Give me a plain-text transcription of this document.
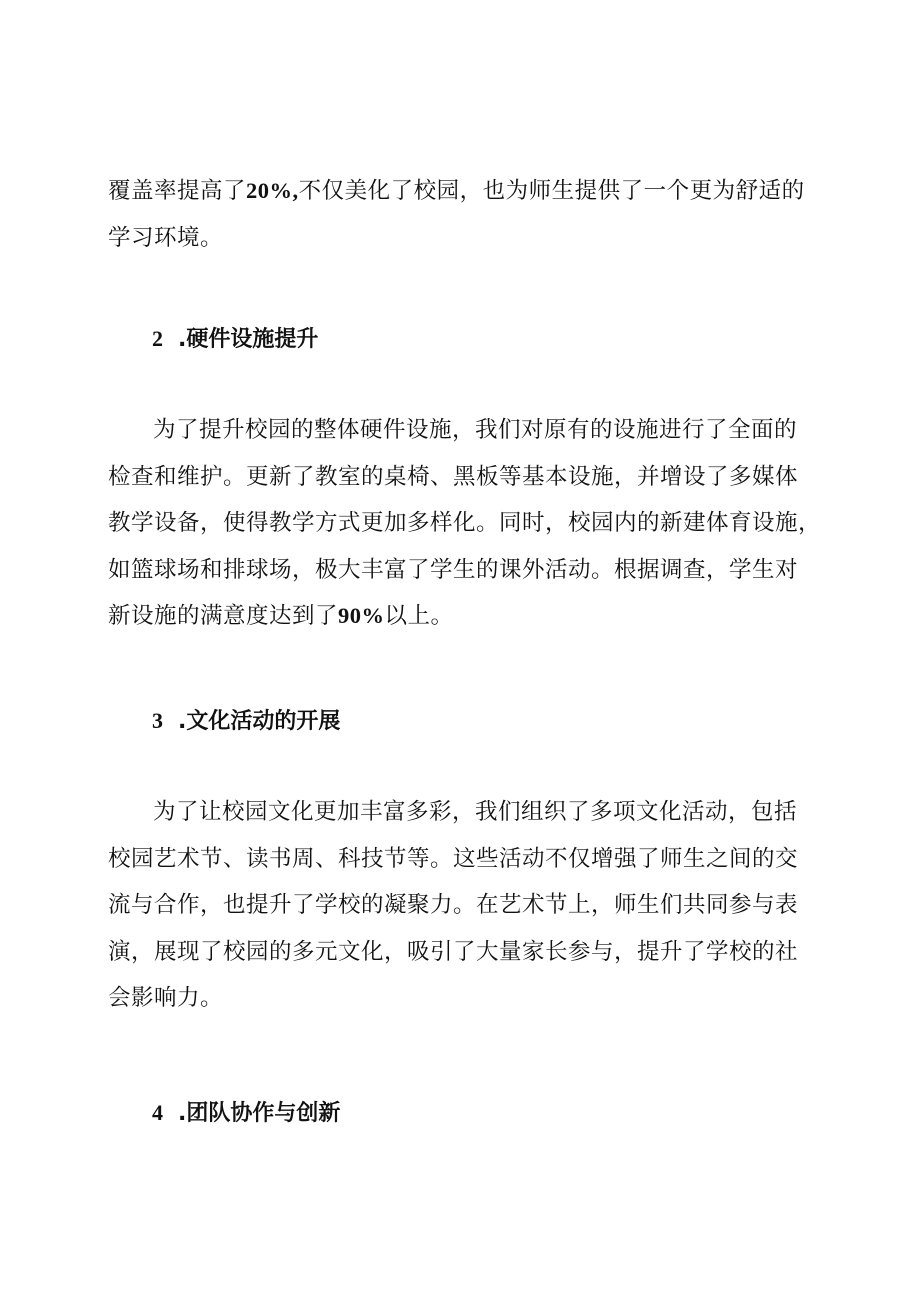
覆盖率提高了20%,不仅美化了校园，也为师生提供了一个更为舒适的
学习环境。
2 .硬件设施提升
为了提升校园的整体硬件设施，我们对原有的设施进行了全面的
检查和维护。更新了教室的桌椅、黑板等基本设施，并增设了多媒体
教学设备，使得教学方式更加多样化。同时，校园内的新建体育设施，
如篮球场和排球场，极大丰富了学生的课外活动。根据调查，学生对
新设施的满意度达到了90%以上。
3 .文化活动的开展
为了让校园文化更加丰富多彩，我们组织了多项文化活动，包括
校园艺术节、读书周、科技节等。这些活动不仅增强了师生之间的交
流与合作，也提升了学校的凝聚力。在艺术节上，师生们共同参与表
演，展现了校园的多元文化，吸引了大量家长参与，提升了学校的社
会影响力。
4 .团队协作与创新
